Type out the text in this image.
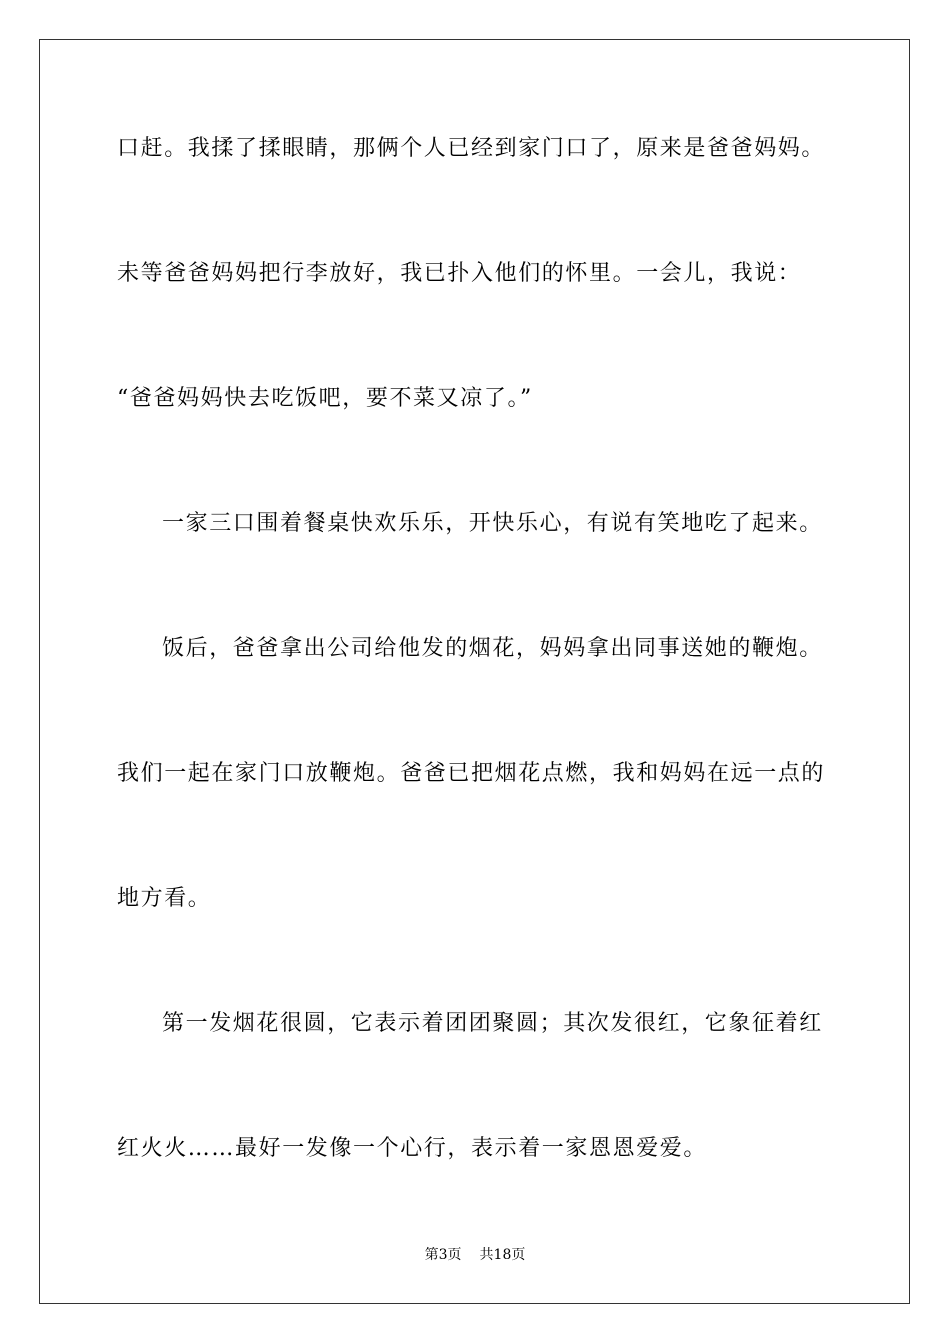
口赶。我揉了揉眼睛，那俩个人已经到家门口了，原来是爸爸妈妈。
未等爸爸妈妈把行李放好，我已扑入他们的怀里。一会儿，我说：
“爸爸妈妈快去吃饭吧，要不菜又凉了。”
一家三口围着餐桌快欢乐乐，开快乐心，有说有笑地吃了起来。
饭后，爸爸拿出公司给他发的烟花，妈妈拿出同事送她的鞭炮。
我们一起在家门口放鞭炮。爸爸已把烟花点燃，我和妈妈在远一点的
地方看。
第一发烟花很圆，它表示着团团聚圆；其次发很红，它象征着红
红火火……最好一发像一个心行，表示着一家恩恩爱爱。
第3页 共18页
